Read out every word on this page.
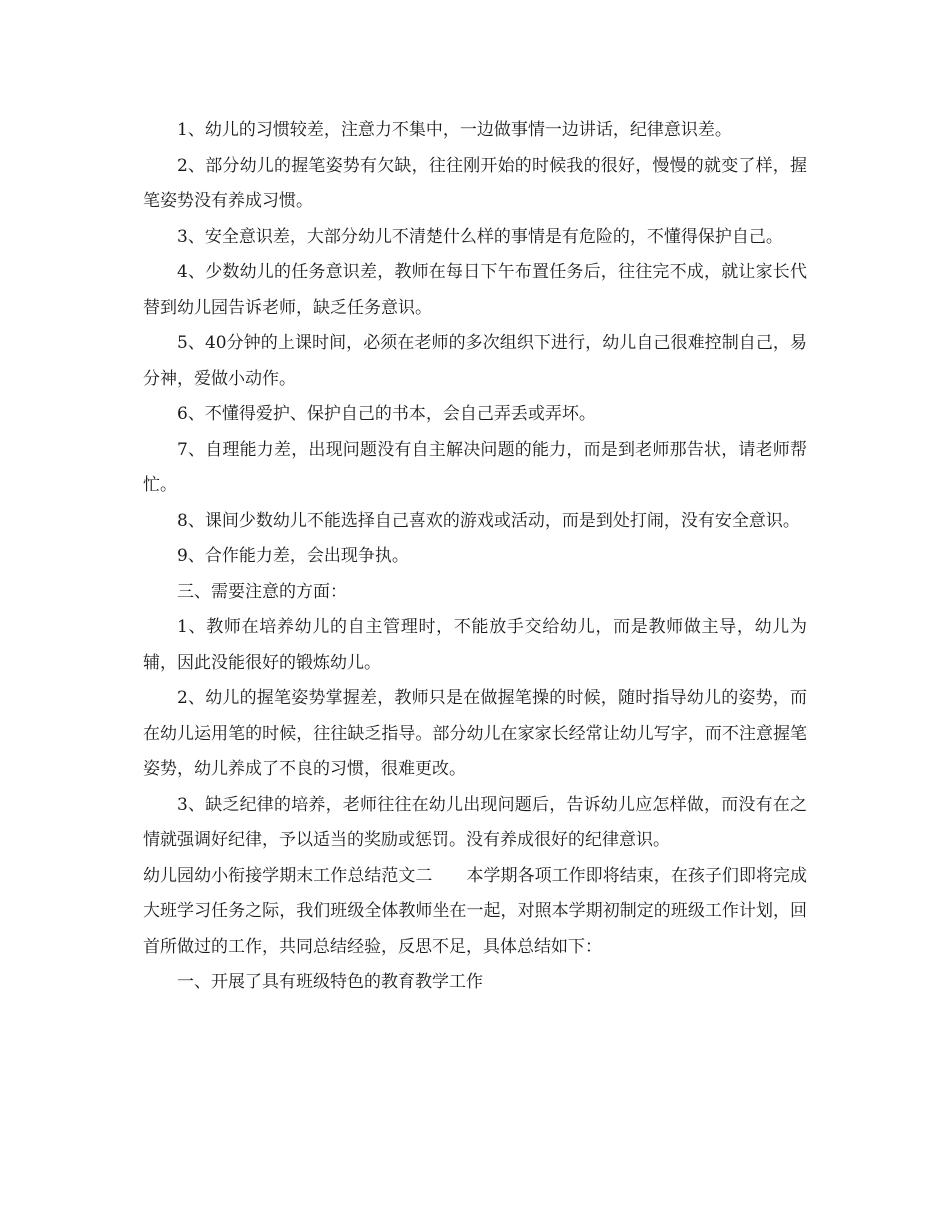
1、幼儿的习惯较差，注意力不集中，一边做事情一边讲话，纪律意识差。

2、部分幼儿的握笔姿势有欠缺，往往刚开始的时候我的很好，慢慢的就变了样，握笔姿势没有养成习惯。

3、安全意识差，大部分幼儿不清楚什么样的事情是有危险的，不懂得保护自己。

4、少数幼儿的任务意识差，教师在每日下午布置任务后，往往完不成，就让家长代替到幼儿园告诉老师，缺乏任务意识。

5、40分钟的上课时间，必须在老师的多次组织下进行，幼儿自己很难控制自己，易分神，爱做小动作。

6、不懂得爱护、保护自己的书本，会自己弄丢或弄坏。

7、自理能力差，出现问题没有自主解决问题的能力，而是到老师那告状，请老师帮忙。

8、课间少数幼儿不能选择自己喜欢的游戏或活动，而是到处打闹，没有安全意识。

9、合作能力差，会出现争执。

三、需要注意的方面：

1、教师在培养幼儿的自主管理时，不能放手交给幼儿，而是教师做主导，幼儿为辅，因此没能很好的锻炼幼儿。

2、幼儿的握笔姿势掌握差，教师只是在做握笔操的时候，随时指导幼儿的姿势，而在幼儿运用笔的时候，往往缺乏指导。部分幼儿在家家长经常让幼儿写字，而不注意握笔姿势，幼儿养成了不良的习惯，很难更改。

3、缺乏纪律的培养，老师往往在幼儿出现问题后，告诉幼儿应怎样做，而没有在之情就强调好纪律，予以适当的奖励或惩罚。没有养成很好的纪律意识。

幼儿园幼小衔接学期末工作总结范文二　　本学期各项工作即将结束，在孩子们即将完成大班学习任务之际，我们班级全体教师坐在一起，对照本学期初制定的班级工作计划，回首所做过的工作，共同总结经验，反思不足，具体总结如下：

一、开展了具有班级特色的教育教学工作
